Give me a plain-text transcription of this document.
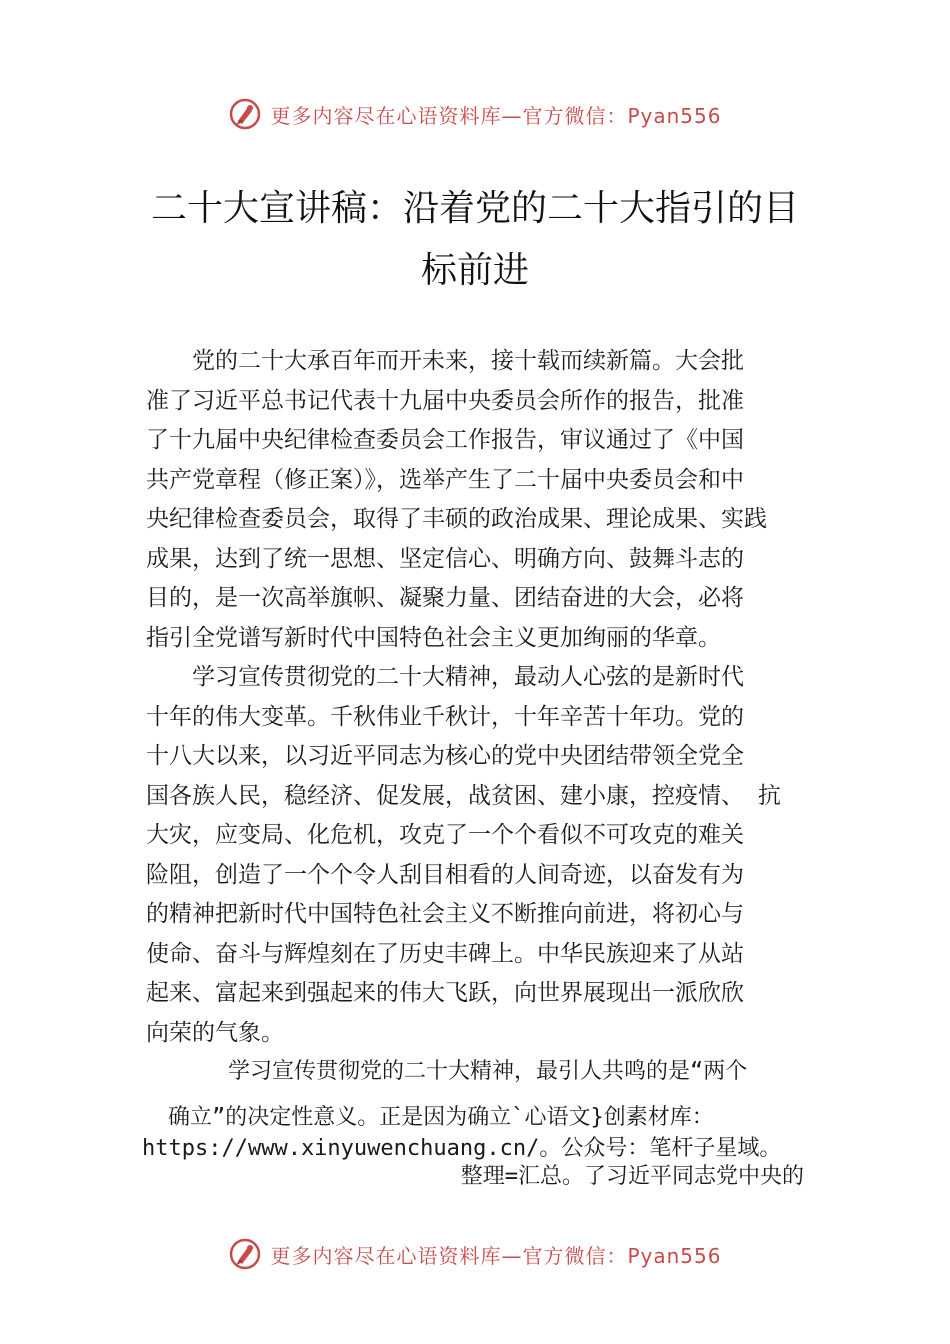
更多内容尽在心语资料库—官方微信：Pyan556
二十大宣讲稿：沿着党的二十大指引的目
标前进
　　党的二十大承百年而开未来，接十载而续新篇。大会批
准了习近平总书记代表十九届中央委员会所作的报告，批准
了十九届中央纪律检查委员会工作报告，审议通过了《中国
共产党章程（修正案）》，选举产生了二十届中央委员会和中
央纪律检查委员会，取得了丰硕的政治成果、理论成果、实践
成果，达到了统一思想、坚定信心、明确方向、鼓舞斗志的
目的，是一次高举旗帜、凝聚力量、团结奋进的大会，必将
指引全党谱写新时代中国特色社会主义更加绚丽的华章。
　　学习宣传贯彻党的二十大精神，最动人心弦的是新时代
十年的伟大变革。千秋伟业千秋计，十年辛苦十年功。党的
十八大以来，以习近平同志为核心的党中央团结带领全党全
国各族人民，稳经济、促发展，战贫困、建小康，控疫情、 抗
大灾，应变局、化危机，攻克了一个个看似不可攻克的难关
险阻，创造了一个个令人刮目相看的人间奇迹，以奋发有为
的精神把新时代中国特色社会主义不断推向前进，将初心与
使命、奋斗与辉煌刻在了历史丰碑上。中华民族迎来了从站
起来、富起来到强起来的伟大飞跃，向世界展现出一派欣欣
向荣的气象。
学习宣传贯彻党的二十大精神，最引人共鸣的是“两个
确立”的决定性意义。正是因为确立`心语文}创素材库：
https://www.xinyuwenchuang.cn/。公众号：笔杆子星域。
整理=汇总。了习近平同志党中央的
更多内容尽在心语资料库—官方微信：Pyan556
